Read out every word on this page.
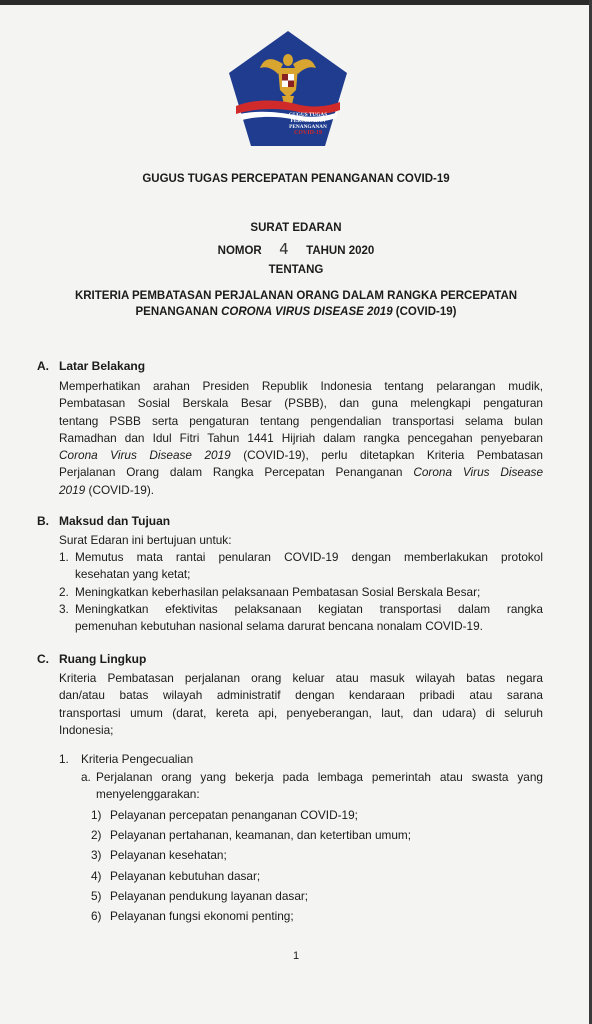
GUGUS TUGAS
PERCEPATAN
PENANGANAN
COVID-19
GUGUS TUGAS PERCEPATAN PENANGANAN COVID-19
SURAT EDARAN
NOMOR 4 TAHUN 2020
TENTANG
KRITERIA PEMBATASAN PERJALANAN ORANG DALAM RANGKA PERCEPATAN
PENANGANAN CORONA VIRUS DISEASE 2019 (COVID-19)
A. Latar Belakang
Memperhatikan arahan Presiden Republik Indonesia tentang pelarangan mudik,
Pembatasan Sosial Berskala Besar (PSBB), dan guna melengkapi pengaturan
tentang PSBB serta pengaturan tentang pengendalian transportasi selama bulan
Ramadhan dan Idul Fitri Tahun 1441 Hijriah dalam rangka pencegahan penyebaran
Corona Virus Disease 2019 (COVID-19), perlu ditetapkan Kriteria Pembatasan
Perjalanan Orang dalam Rangka Percepatan Penanganan Corona Virus Disease
2019 (COVID-19).
B. Maksud dan Tujuan
Surat Edaran ini bertujuan untuk:
1. Memutus mata rantai penularan COVID-19 dengan memberlakukan protokol
kesehatan yang ketat;
2. Meningkatkan keberhasilan pelaksanaan Pembatasan Sosial Berskala Besar;
3. Meningkatkan efektivitas pelaksanaan kegiatan transportasi dalam rangka
pemenuhan kebutuhan nasional selama darurat bencana nonalam COVID-19.
C. Ruang Lingkup
Kriteria Pembatasan perjalanan orang keluar atau masuk wilayah batas negara
dan/atau batas wilayah administratif dengan kendaraan pribadi atau sarana
transportasi umum (darat, kereta api, penyeberangan, laut, dan udara) di seluruh
Indonesia;
1. Kriteria Pengecualian
a. Perjalanan orang yang bekerja pada lembaga pemerintah atau swasta yang
menyelenggarakan:
1) Pelayanan percepatan penanganan COVID-19;
2) Pelayanan pertahanan, keamanan, dan ketertiban umum;
3) Pelayanan kesehatan;
4) Pelayanan kebutuhan dasar;
5) Pelayanan pendukung layanan dasar;
6) Pelayanan fungsi ekonomi penting;
1
